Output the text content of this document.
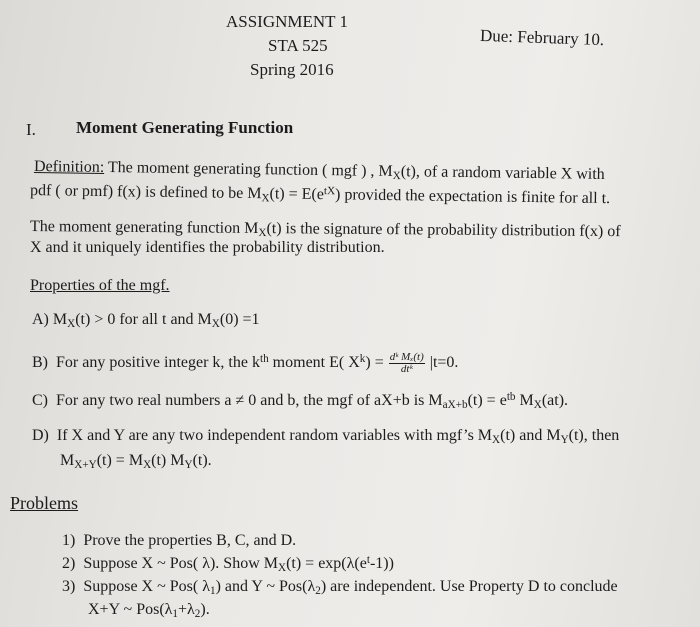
ASSIGNMENT 1
STA 525
Spring 2016
Due: February 10.
I. Moment Generating Function
Definition: The moment generating function ( mgf ) , $M_X(t)$, of a random variable X with
pdf ( or pmf) f(x) is defined to be $M_X(t) = E(e^{tX})$ provided the expectation is finite for all t.
The moment generating function $M_X(t)$ is the signature of the probability distribution f(x) of
X and it uniquely identifies the probability distribution.
Properties of the mgf.
A) $M_X(t) > 0$ for all t and $M_X(0) =1$
B) For any positive integer k, the $k^{th}$ moment E( $X^k) = \frac{\text{dᵏ Mₓ(t)}}{\text{dtᵏ}} |t=0$.
C) For any two real numbers a ≠ 0 and b, the mgf of aX+b is $M_{aX+b}(t) = e^{tb}$ $M_X(at)$.
D) If X and Y are any two independent random variables with mgf’s $M_X(t)$ and $M_Y(t)$, then
$M_{X+Y}(t) = M_X(t)$ $M_Y(t)$.
Problems
1) Prove the properties B, C, and D.
2) Suppose X ~ Pos( λ). Show $M_X(t) = \exp(\lambda(e^t-1))$
3) Suppose X ~ Pos( $\lambda_1$) and Y ~ $Pos(\lambda_2)$ are independent. Use Property D to conclude
X+Y ~ $Pos(\lambda_1+\lambda_2)$.
